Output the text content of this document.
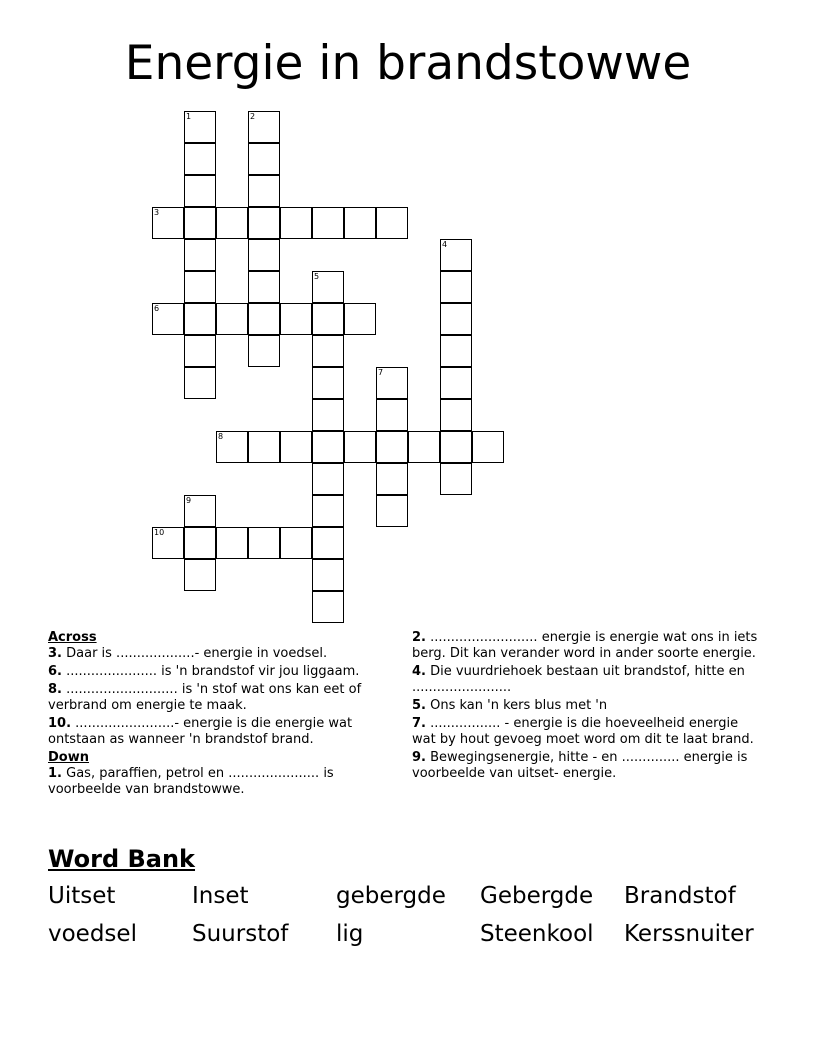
Energie in brandstowwe
1	2
3
4
5
6
7
8
9
10
Across
3. Daar is ...................- energie in voedsel.
6. ...................... is 'n brandstof vir jou liggaam.
8. ........................... is 'n stof wat ons kan eet of verbrand om energie te maak.
10. ........................- energie is die energie wat ontstaan as wanneer 'n brandstof brand.
Down
1. Gas, paraffien, petrol en ...................... is voorbeelde van brandstowwe.
2. .......................... energie is energie wat ons in iets berg. Dit kan verander word in ander soorte energie.
4. Die vuurdriehoek bestaan uit brandstof, hitte en ........................
5. Ons kan 'n kers blus met 'n
7. ................. - energie is die hoeveelheid energie wat by hout gevoeg moet word om dit te laat brand.
9. Bewegingsenergie, hitte - en .............. energie is voorbeelde van uitset- energie.
Word Bank
Uitset	Inset	gebergde	Gebergde	Brandstof
voedsel	Suurstof	lig	Steenkool	Kerssnuiter
